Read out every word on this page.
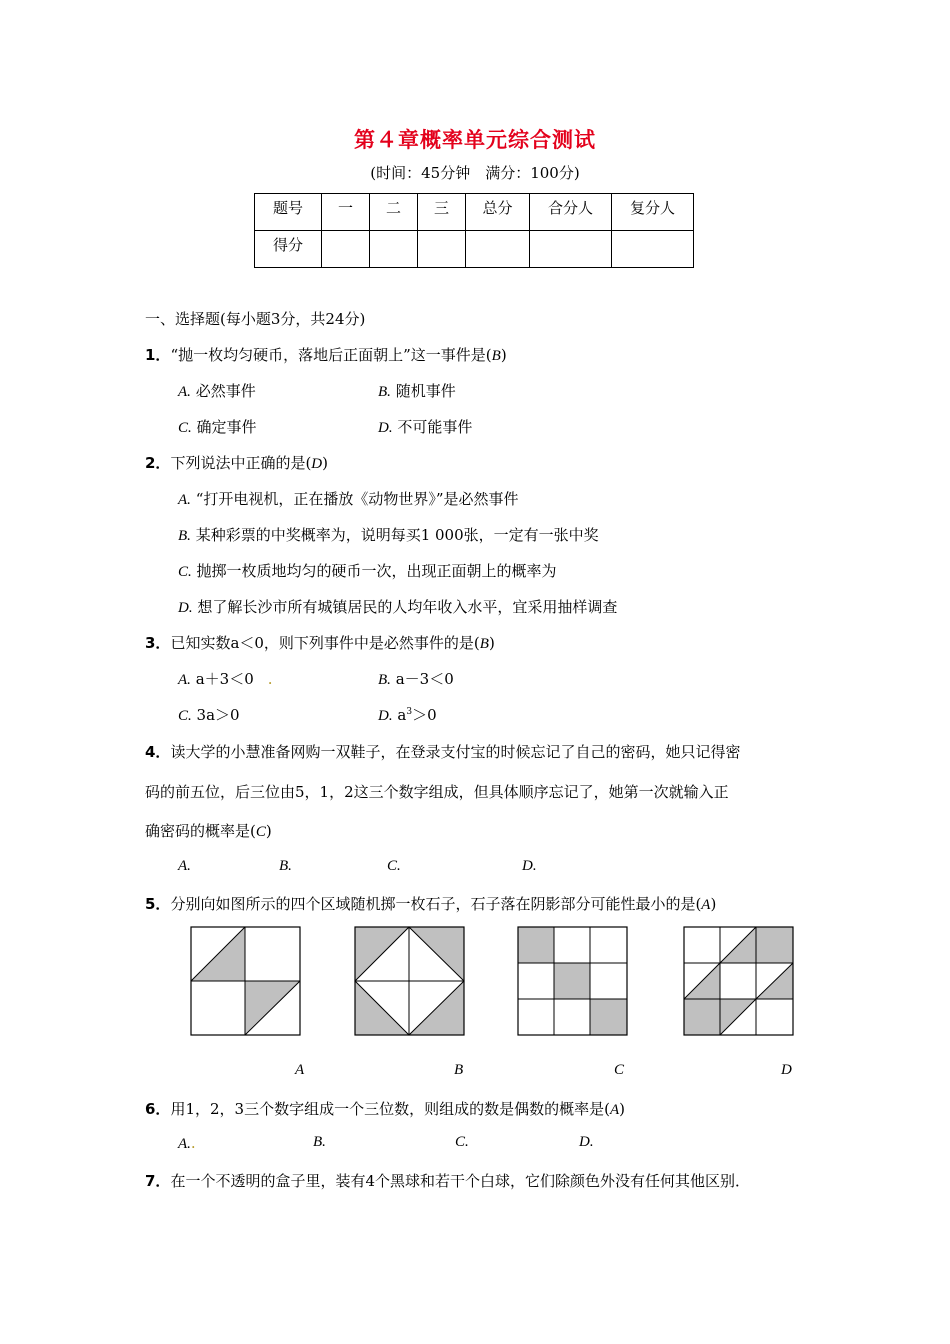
第４章概率单元综合测试
(时间：45分钟　满分：100分)
题号	一	二	三	总分	合分人	复分人
得分						
一、选择题(每小题3分，共24分)
1．“抛一枚均匀硬币，落地后正面朝上”这一事件是(B)
A. 必然事件	B. 随机事件
C. 确定事件	D. 不可能事件
2．下列说法中正确的是(D)
A. “打开电视机，正在播放《动物世界》”是必然事件
B. 某种彩票的中奖概率为，说明每买1 000张，一定有一张中奖
C. 抛掷一枚质地均匀的硬币一次，出现正面朝上的概率为
D. 想了解长沙市所有城镇居民的人均年收入水平，宜采用抽样调查
3．已知实数a＜0，则下列事件中是必然事件的是(B)
A. a＋3＜0 .	B. a－3＜0
C. 3a＞0	D. $a^3>0$
4．读大学的小慧准备网购一双鞋子，在登录支付宝的时候忘记了自己的密码，她只记得密
码的前五位，后三位由5，1，2这三个数字组成，但具体顺序忘记了，她第一次就输入正
确密码的概率是(C)
A.	B.	C.	D.
5．分别向如图所示的四个区域随机掷一枚石子，石子落在阴影部分可能性最小的是(A)
A	B	C	D
6．用1，2，3三个数字组成一个三位数，则组成的数是偶数的概率是(A)
A..	B.	C.	D.
7．在一个不透明的盒子里，装有4个黑球和若干个白球，它们除颜色外没有任何其他区别．
